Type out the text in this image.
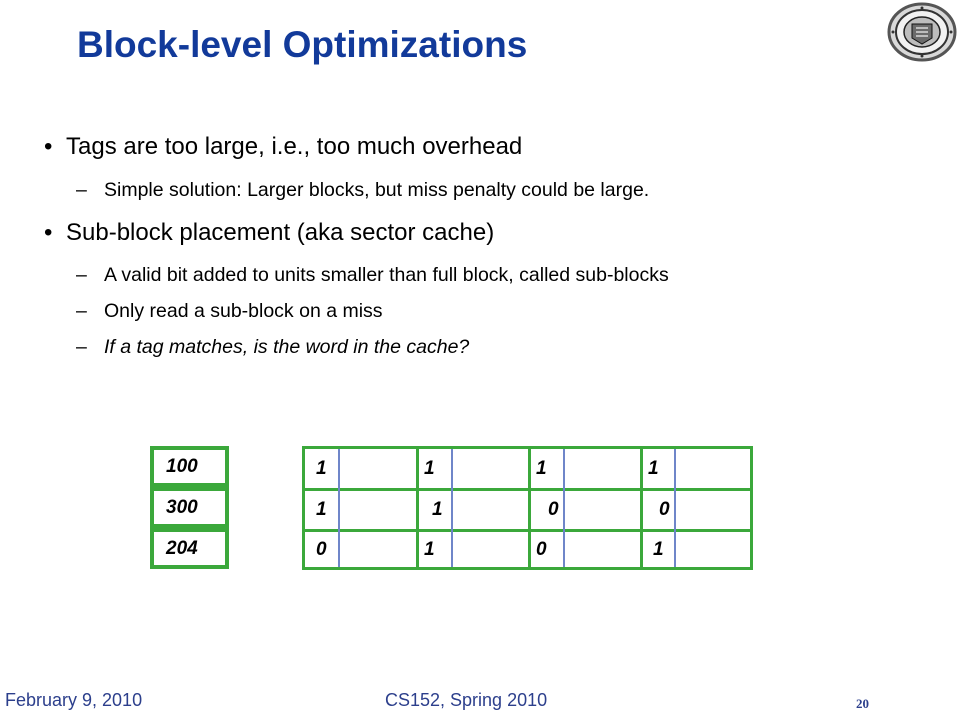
Block-level Optimizations
• Tags are too large, i.e., too much overhead
– Simple solution: Larger blocks, but miss penalty could be large.
• Sub-block placement (aka sector cache)
– A valid bit added to units smaller than full block, called sub-blocks
– Only read a sub-block on a miss
– If a tag matches, is the word in the cache?
100
300
204
1	1	1	1
1	1	0	0
0	1	0	1
February 9, 2010	CS152, Spring 2010	20
